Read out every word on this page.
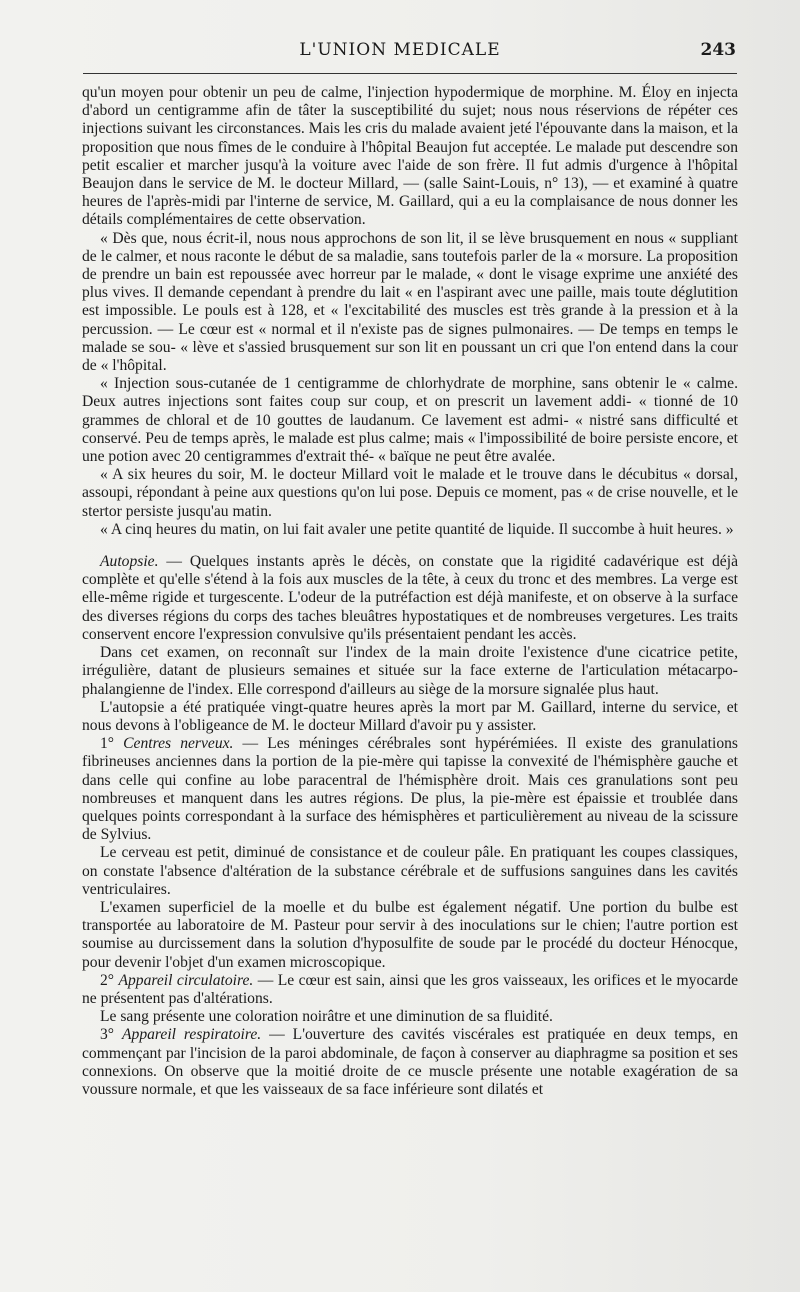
L'UNION MEDICALE	243

qu'un moyen pour obtenir un peu de calme, l'injection hypodermique de morphine. M. Éloy en injecta d'abord un centigramme afin de tâter la susceptibilité du sujet; nous nous réservions de répéter ces injections suivant les circonstances. Mais les cris du malade avaient jeté l'épouvante dans la maison, et la proposition que nous fîmes de le conduire à l'hôpital Beaujon fut acceptée. Le malade put descendre son petit escalier et marcher jusqu'à la voiture avec l'aide de son frère. Il fut admis d'urgence à l'hôpital Beaujon dans le service de M. le docteur Millard, — (salle Saint-Louis, n° 13), — et examiné à quatre heures de l'après-midi par l'interne de service, M. Gaillard, qui a eu la complaisance de nous donner les détails complémentaires de cette observation.

« Dès que, nous écrit-il, nous nous approchons de son lit, il se lève brusquement en nous « suppliant de le calmer, et nous raconte le début de sa maladie, sans toutefois parler de la « morsure. La proposition de prendre un bain est repoussée avec horreur par le malade, « dont le visage exprime une anxiété des plus vives. Il demande cependant à prendre du lait « en l'aspirant avec une paille, mais toute déglutition est impossible. Le pouls est à 128, et « l'excitabilité des muscles est très grande à la pression et à la percussion. — Le cœur est « normal et il n'existe pas de signes pulmonaires. — De temps en temps le malade se sou- « lève et s'assied brusquement sur son lit en poussant un cri que l'on entend dans la cour de « l'hôpital.

« Injection sous-cutanée de 1 centigramme de chlorhydrate de morphine, sans obtenir le « calme. Deux autres injections sont faites coup sur coup, et on prescrit un lavement addi- « tionné de 10 grammes de chloral et de 10 gouttes de laudanum. Ce lavement est admi- « nistré sans difficulté et conservé. Peu de temps après, le malade est plus calme; mais « l'impossibilité de boire persiste encore, et une potion avec 20 centigrammes d'extrait thé- « baïque ne peut être avalée.

« A six heures du soir, M. le docteur Millard voit le malade et le trouve dans le décubitus « dorsal, assoupi, répondant à peine aux questions qu'on lui pose. Depuis ce moment, pas « de crise nouvelle, et le stertor persiste jusqu'au matin.

« A cinq heures du matin, on lui fait avaler une petite quantité de liquide. Il succombe à huit heures. »

Autopsie. — Quelques instants après le décès, on constate que la rigidité cadavérique est déjà complète et qu'elle s'étend à la fois aux muscles de la tête, à ceux du tronc et des membres. La verge est elle-même rigide et turgescente. L'odeur de la putréfaction est déjà manifeste, et on observe à la surface des diverses régions du corps des taches bleuâtres hypostatiques et de nombreuses vergetures. Les traits conservent encore l'expression convulsive qu'ils présentaient pendant les accès.

Dans cet examen, on reconnaît sur l'index de la main droite l'existence d'une cicatrice petite, irrégulière, datant de plusieurs semaines et située sur la face externe de l'articulation métacarpo-phalangienne de l'index. Elle correspond d'ailleurs au siège de la morsure signalée plus haut.

L'autopsie a été pratiquée vingt-quatre heures après la mort par M. Gaillard, interne du service, et nous devons à l'obligeance de M. le docteur Millard d'avoir pu y assister.

1° Centres nerveux. — Les méninges cérébrales sont hypérémiées. Il existe des granulations fibrineuses anciennes dans la portion de la pie-mère qui tapisse la convexité de l'hémisphère gauche et dans celle qui confine au lobe paracentral de l'hémisphère droit. Mais ces granulations sont peu nombreuses et manquent dans les autres régions. De plus, la pie-mère est épaissie et troublée dans quelques points correspondant à la surface des hémisphères et particulièrement au niveau de la scissure de Sylvius.

Le cerveau est petit, diminué de consistance et de couleur pâle. En pratiquant les coupes classiques, on constate l'absence d'altération de la substance cérébrale et de suffusions sanguines dans les cavités ventriculaires.

L'examen superficiel de la moelle et du bulbe est également négatif. Une portion du bulbe est transportée au laboratoire de M. Pasteur pour servir à des inoculations sur le chien; l'autre portion est soumise au durcissement dans la solution d'hyposulfite de soude par le procédé du docteur Hénocque, pour devenir l'objet d'un examen microscopique.

2° Appareil circulatoire. — Le cœur est sain, ainsi que les gros vaisseaux, les orifices et le myocarde ne présentent pas d'altérations.

Le sang présente une coloration noirâtre et une diminution de sa fluidité.

3° Appareil respiratoire. — L'ouverture des cavités viscérales est pratiquée en deux temps, en commençant par l'incision de la paroi abdominale, de façon à conserver au diaphragme sa position et ses connexions. On observe que la moitié droite de ce muscle présente une notable exagération de sa voussure normale, et que les vaisseaux de sa face inférieure sont dilatés et
